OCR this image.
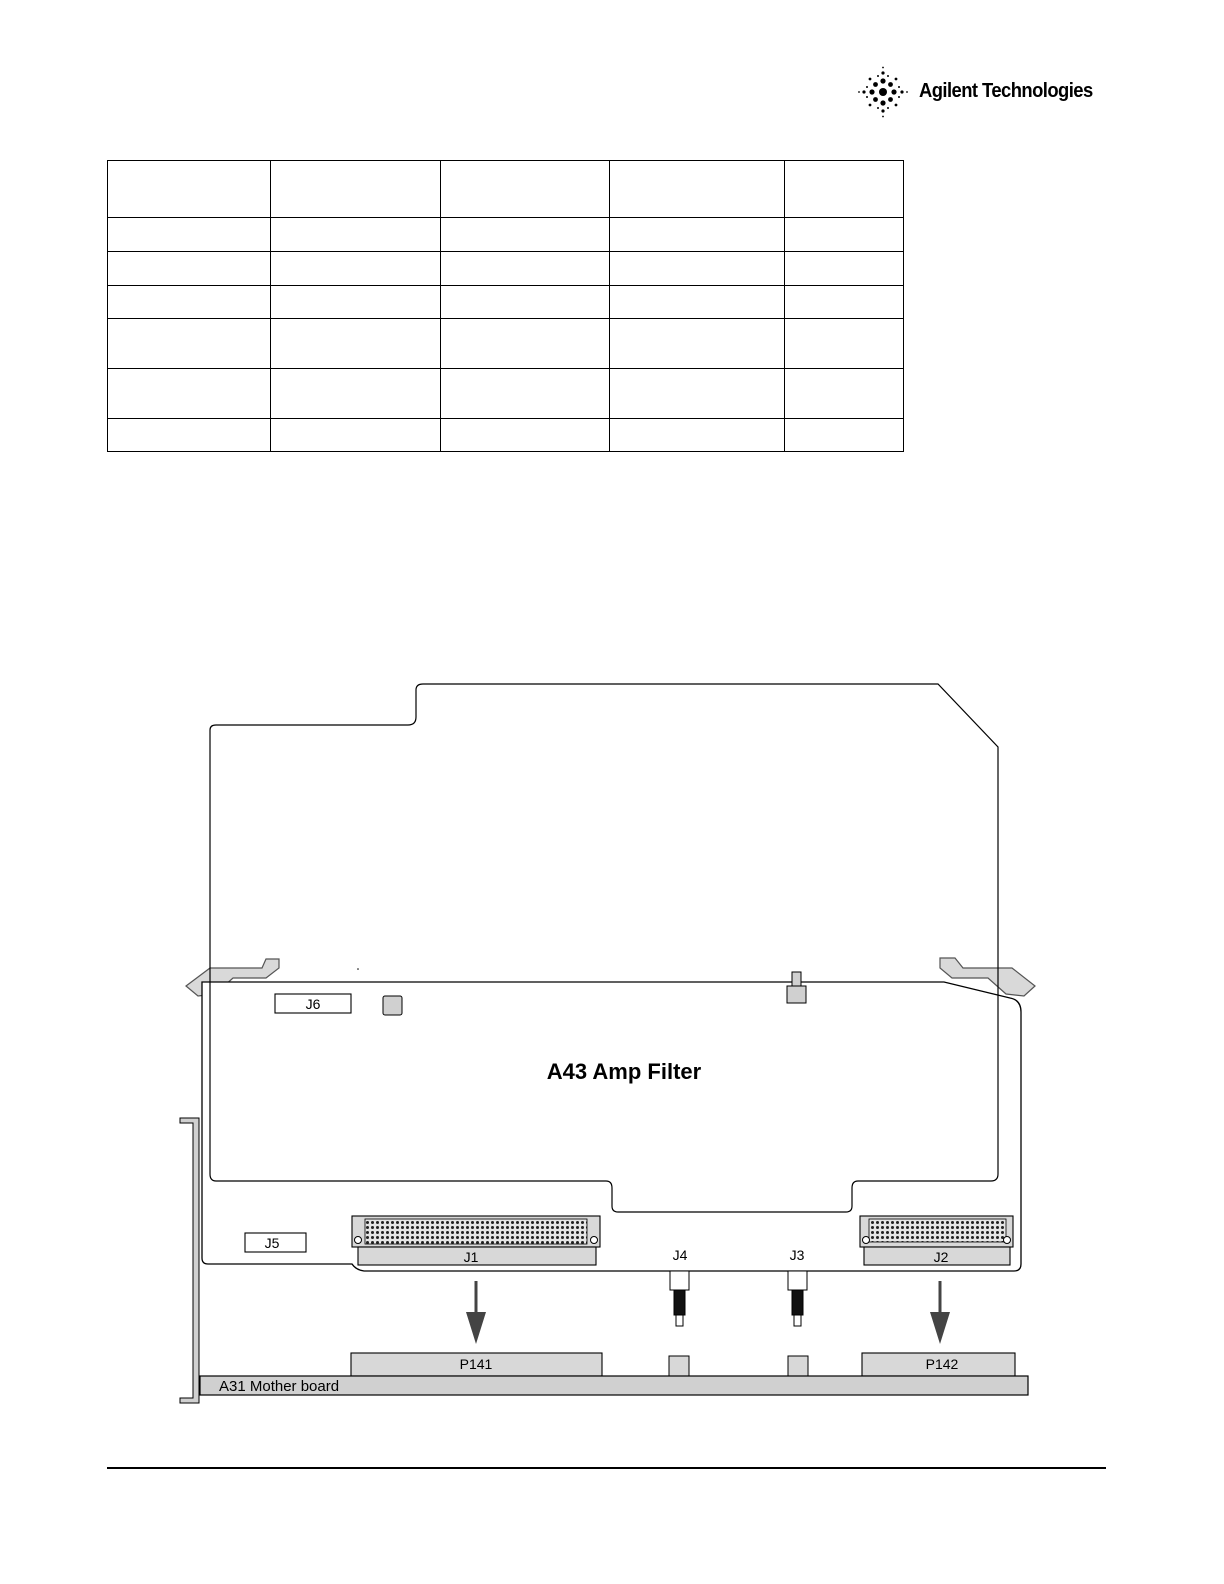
Agilent Technologies

J6
A43 Amp Filter
J5
J1	J2
J4	J3
P141	P142
A31 Mother board
